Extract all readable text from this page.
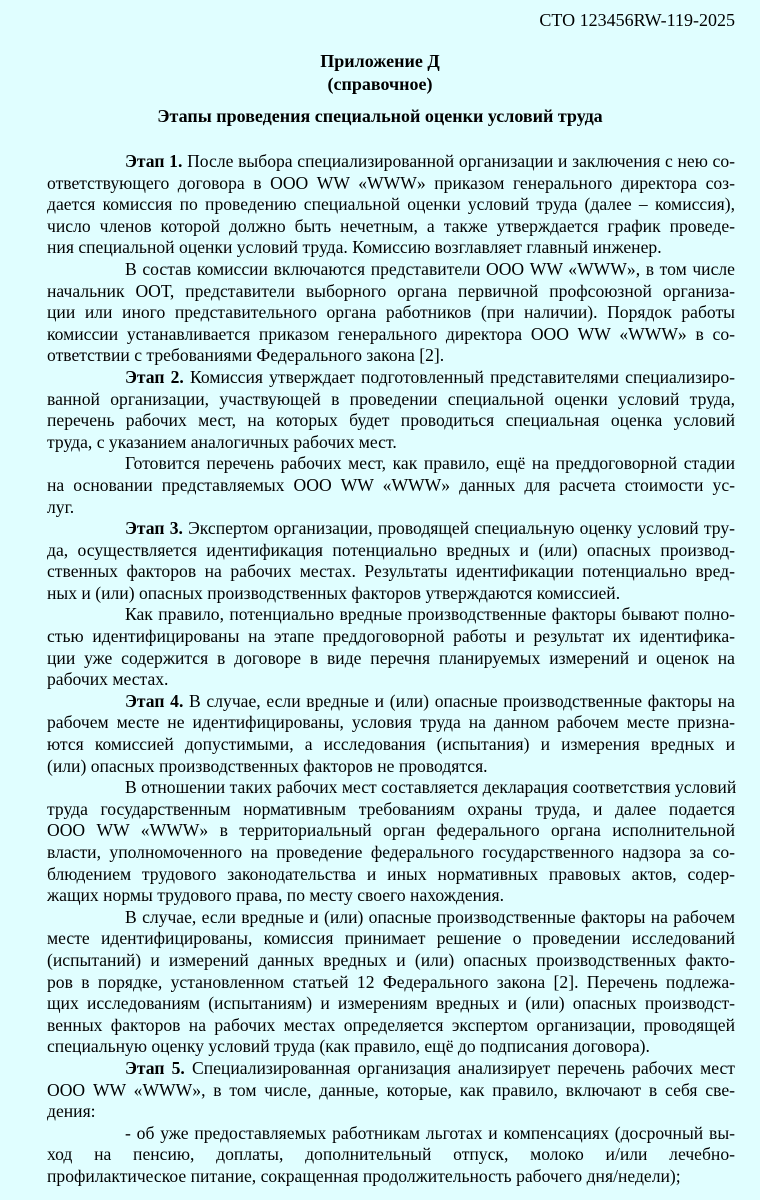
СТО 123456RW-119-2025
Приложение Д
(справочное)
Этапы проведения специальной оценки условий труда
Этап 1. После выбора специализированной организации и заключения с нею со-
ответствующего договора в ООО WW «WWW» приказом генерального директора соз-
дается комиссия по проведению специальной оценки условий труда (далее – комиссия),
число членов которой должно быть нечетным, а также утверждается график проведе-
ния специальной оценки условий труда. Комиссию возглавляет главный инженер.
В состав комиссии включаются представители ООО WW «WWW», в том числе
начальник ООТ, представители выборного органа первичной профсоюзной организа-
ции или иного представительного органа работников (при наличии). Порядок работы
комиссии устанавливается приказом генерального директора ООО WW «WWW» в со-
ответствии с требованиями Федерального закона [2].
Этап 2. Комиссия утверждает подготовленный представителями специализиро-
ванной организации, участвующей в проведении специальной оценки условий труда,
перечень рабочих мест, на которых будет проводиться специальная оценка условий
труда, с указанием аналогичных рабочих мест.
Готовится перечень рабочих мест, как правило, ещё на преддоговорной стадии
на основании представляемых ООО WW «WWW» данных для расчета стоимости ус-
луг.
Этап 3. Экспертом организации, проводящей специальную оценку условий тру-
да, осуществляется идентификация потенциально вредных и (или) опасных производ-
ственных факторов на рабочих местах. Результаты идентификации потенциально вред-
ных и (или) опасных производственных факторов утверждаются комиссией.
Как правило, потенциально вредные производственные факторы бывают полно-
стью идентифицированы на этапе преддоговорной работы и результат их идентифика-
ции уже содержится в договоре в виде перечня планируемых измерений и оценок на
рабочих местах.
Этап 4. В случае, если вредные и (или) опасные производственные факторы на
рабочем месте не идентифицированы, условия труда на данном рабочем месте призна-
ются комиссией допустимыми, а исследования (испытания) и измерения вредных и
(или) опасных производственных факторов не проводятся.
В отношении таких рабочих мест составляется декларация соответствия условий
труда государственным нормативным требованиям охраны труда, и далее подается
ООО WW «WWW» в территориальный орган федерального органа исполнительной
власти, уполномоченного на проведение федерального государственного надзора за со-
блюдением трудового законодательства и иных нормативных правовых актов, содер-
жащих нормы трудового права, по месту своего нахождения.
В случае, если вредные и (или) опасные производственные факторы на рабочем
месте идентифицированы, комиссия принимает решение о проведении исследований
(испытаний) и измерений данных вредных и (или) опасных производственных факто-
ров в порядке, установленном статьей 12 Федерального закона [2]. Перечень подлежа-
щих исследованиям (испытаниям) и измерениям вредных и (или) опасных производст-
венных факторов на рабочих местах определяется экспертом организации, проводящей
специальную оценку условий труда (как правило, ещё до подписания договора).
Этап 5. Специализированная организация анализирует перечень рабочих мест
ООО WW «WWW», в том числе, данные, которые, как правило, включают в себя све-
дения:
- об уже предоставляемых работникам льготах и компенсациях (досрочный вы-
ход на пенсию, доплаты, дополнительный отпуск, молоко и/или лечебно-
профилактическое питание, сокращенная продолжительность рабочего дня/недели);
